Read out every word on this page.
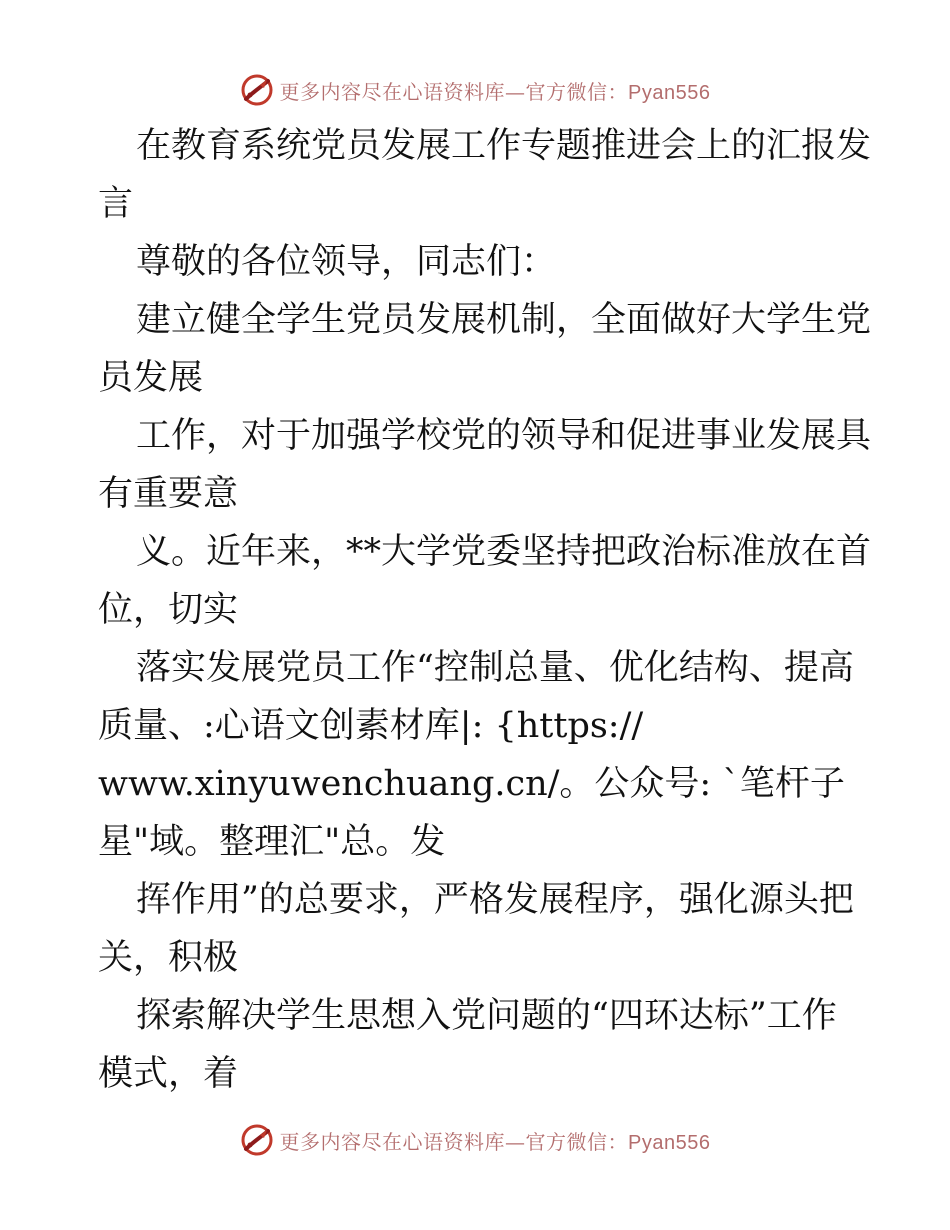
更多内容尽在心语资料库—官方微信：Pyan556
在教育系统党员发展工作专题推进会上的汇报发
言
尊敬的各位领导，同志们：
建立健全学生党员发展机制，全面做好大学生党
员发展
工作，对于加强学校党的领导和促进事业发展具
有重要意
义。近年来，**大学党委坚持把政治标准放在首
位，切实
落实发展党员工作“控制总量、优化结构、提高
质量、:心语文创素材库|: {https://
www.xinyuwenchuang.cn/。公众号: `笔杆子
星"域。整理汇"总。发
挥作用”的总要求，严格发展程序，强化源头把
关，积极
探索解决学生思想入党问题的“四环达标”工作
模式，着
更多内容尽在心语资料库—官方微信：Pyan556
